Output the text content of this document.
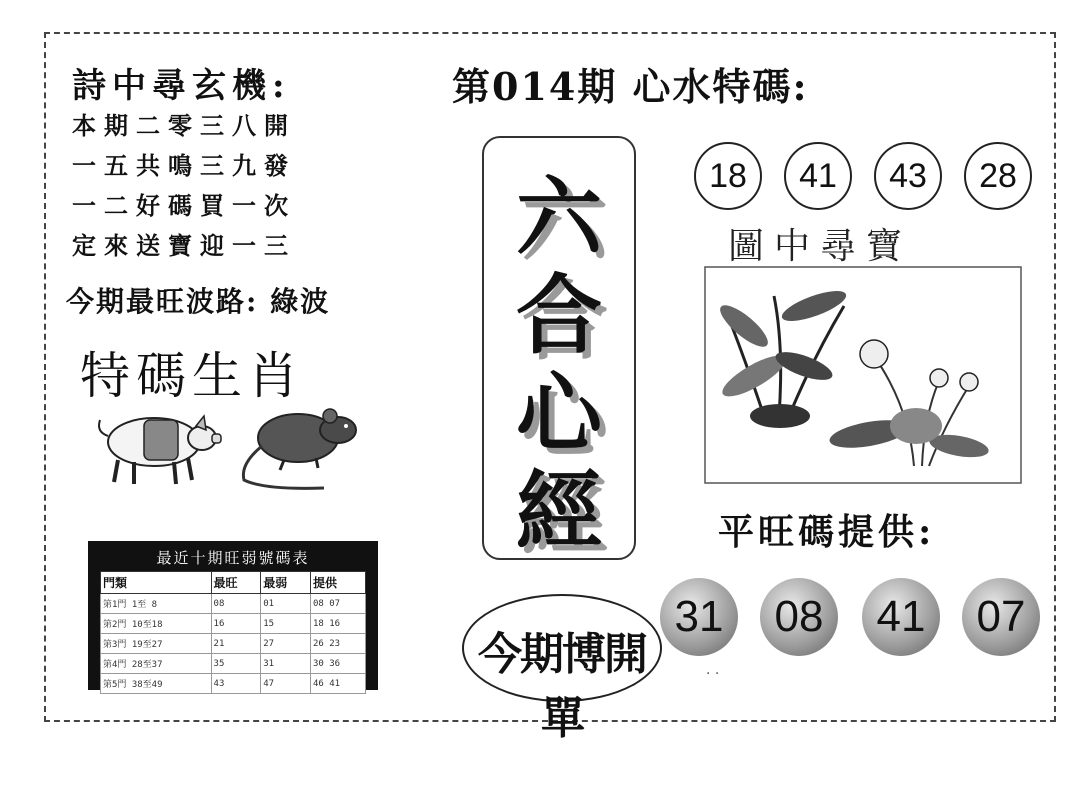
詩中尋玄機:
本期二零三八開
一五共鳴三九發
一二好碼買一次
定來送寶迎一三
今期最旺波路: 綠波
特碼生肖
最近十期旺弱號碼表
門類	最旺	最弱	提供
第1門 1至 8	08	01	08 07
第2門 10至18	16	15	18 16
第3門 19至27	21	27	26 23
第4門 28至37	35	31	30 36
第5門 38至49	43	47	46 41
六
合
心
經
今期博開單
第014期 心水特碼:
18	41	43	28
圖中尋寶
平旺碼提供:
31	08	41	07
. .
